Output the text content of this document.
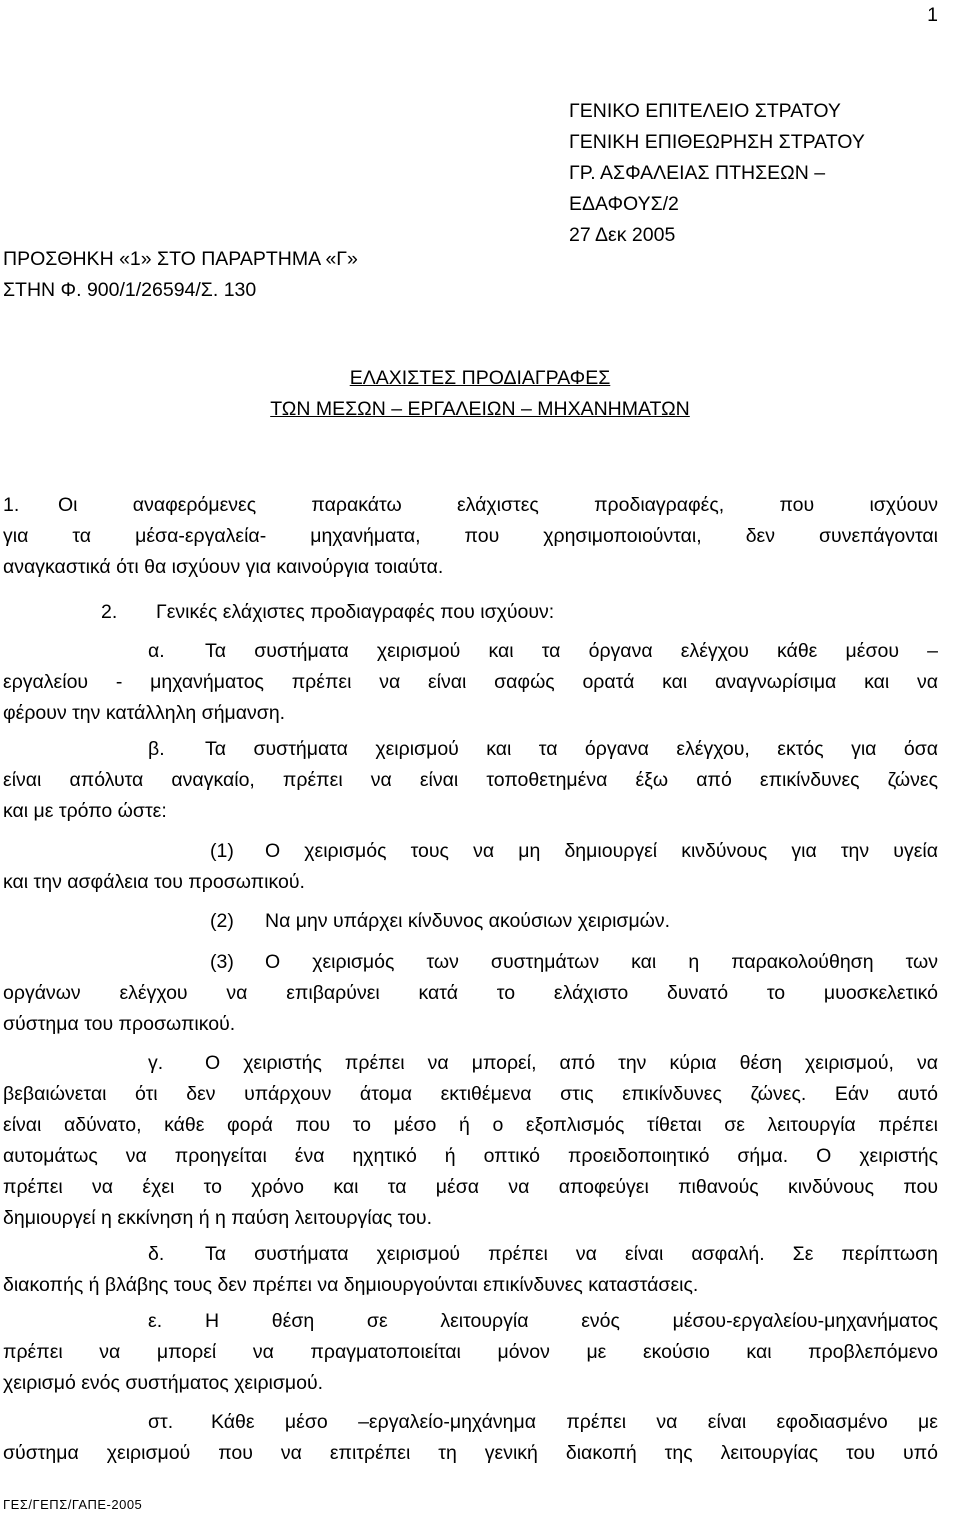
1
ΓΕΝΙΚΟ ΕΠΙΤΕΛΕΙΟ ΣΤΡΑΤΟΥ
ΓΕΝΙΚΗ ΕΠΙΘΕΩΡΗΣΗ ΣΤΡΑΤΟΥ
ΓΡ. ΑΣΦΑΛΕΙΑΣ ΠΤΗΣΕΩΝ –
ΕΔΑΦΟΥΣ/2
27 Δεκ 2005
ΠΡΟΣΘΗΚΗ «1» ΣΤΟ ΠΑΡΑΡΤΗΜΑ «Γ»
ΣΤΗΝ Φ. 900/1/26594/Σ. 130
ΕΛΑΧΙΣΤΕΣ ΠΡΟΔΙΑΓΡΑΦΕΣ
ΤΩΝ ΜΕΣΩΝ – ΕΡΓΑΛΕΙΩΝ – ΜΗΧΑΝΗΜΑΤΩΝ
1. Οι αναφερόμενες παρακάτω ελάχιστες προδιαγραφές, που ισχύουν
για τα μέσα-εργαλεία- μηχανήματα, που χρησιμοποιούνται, δεν συνεπάγονται
αναγκαστικά ότι θα ισχύουν για καινούργια τοιαύτα.
2. Γενικές ελάχιστες προδιαγραφές που ισχύουν:
α. Τα συστήματα χειρισμού και τα όργανα ελέγχου κάθε μέσου –
εργαλείου - μηχανήματος πρέπει να είναι σαφώς ορατά και αναγνωρίσιμα και να
φέρουν την κατάλληλη σήμανση.
β. Τα συστήματα χειρισμού και τα όργανα ελέγχου, εκτός για όσα
είναι απόλυτα αναγκαίο, πρέπει να είναι τοποθετημένα έξω από επικίνδυνες ζώνες
και με τρόπο ώστε:
(1) Ο χειρισμός τους να μη δημιουργεί κινδύνους για την υγεία
και την ασφάλεια του προσωπικού.
(2) Να μην υπάρχει κίνδυνος ακούσιων χειρισμών.
(3) Ο χειρισμός των συστημάτων και η παρακολούθηση των
οργάνων ελέγχου να επιβαρύνει κατά το ελάχιστο δυνατό το μυοσκελετικό
σύστημα του προσωπικού.
γ. Ο χειριστής πρέπει να μπορεί, από την κύρια θέση χειρισμού, να
βεβαιώνεται ότι δεν υπάρχουν άτομα εκτιθέμενα στις επικίνδυνες ζώνες. Εάν αυτό
είναι αδύνατο, κάθε φορά που το μέσο ή ο εξοπλισμός τίθεται σε λειτουργία πρέπει
αυτομάτως να προηγείται ένα ηχητικό ή οπτικό προειδοποιητικό σήμα. Ο χειριστής
πρέπει να έχει το χρόνο και τα μέσα να αποφεύγει πιθανούς κινδύνους που
δημιουργεί η εκκίνηση ή η παύση λειτουργίας του.
δ. Τα συστήματα χειρισμού πρέπει να είναι ασφαλή. Σε περίπτωση
διακοπής ή βλάβης τους δεν πρέπει να δημιουργούνται επικίνδυνες καταστάσεις.
ε. Η θέση σε λειτουργία ενός μέσου-εργαλείου-μηχανήματος
πρέπει να μπορεί να πραγματοποιείται μόνον με εκούσιο και προβλεπόμενο
χειρισμό ενός συστήματος χειρισμού.
στ. Κάθε μέσο –εργαλείο-μηχάνημα πρέπει να είναι εφοδιασμένο με
σύστημα χειρισμού που να επιτρέπει τη γενική διακοπή της λειτουργίας του υπό
ΓΕΣ/ΓΕΠΣ/ΓΑΠΕ-2005
